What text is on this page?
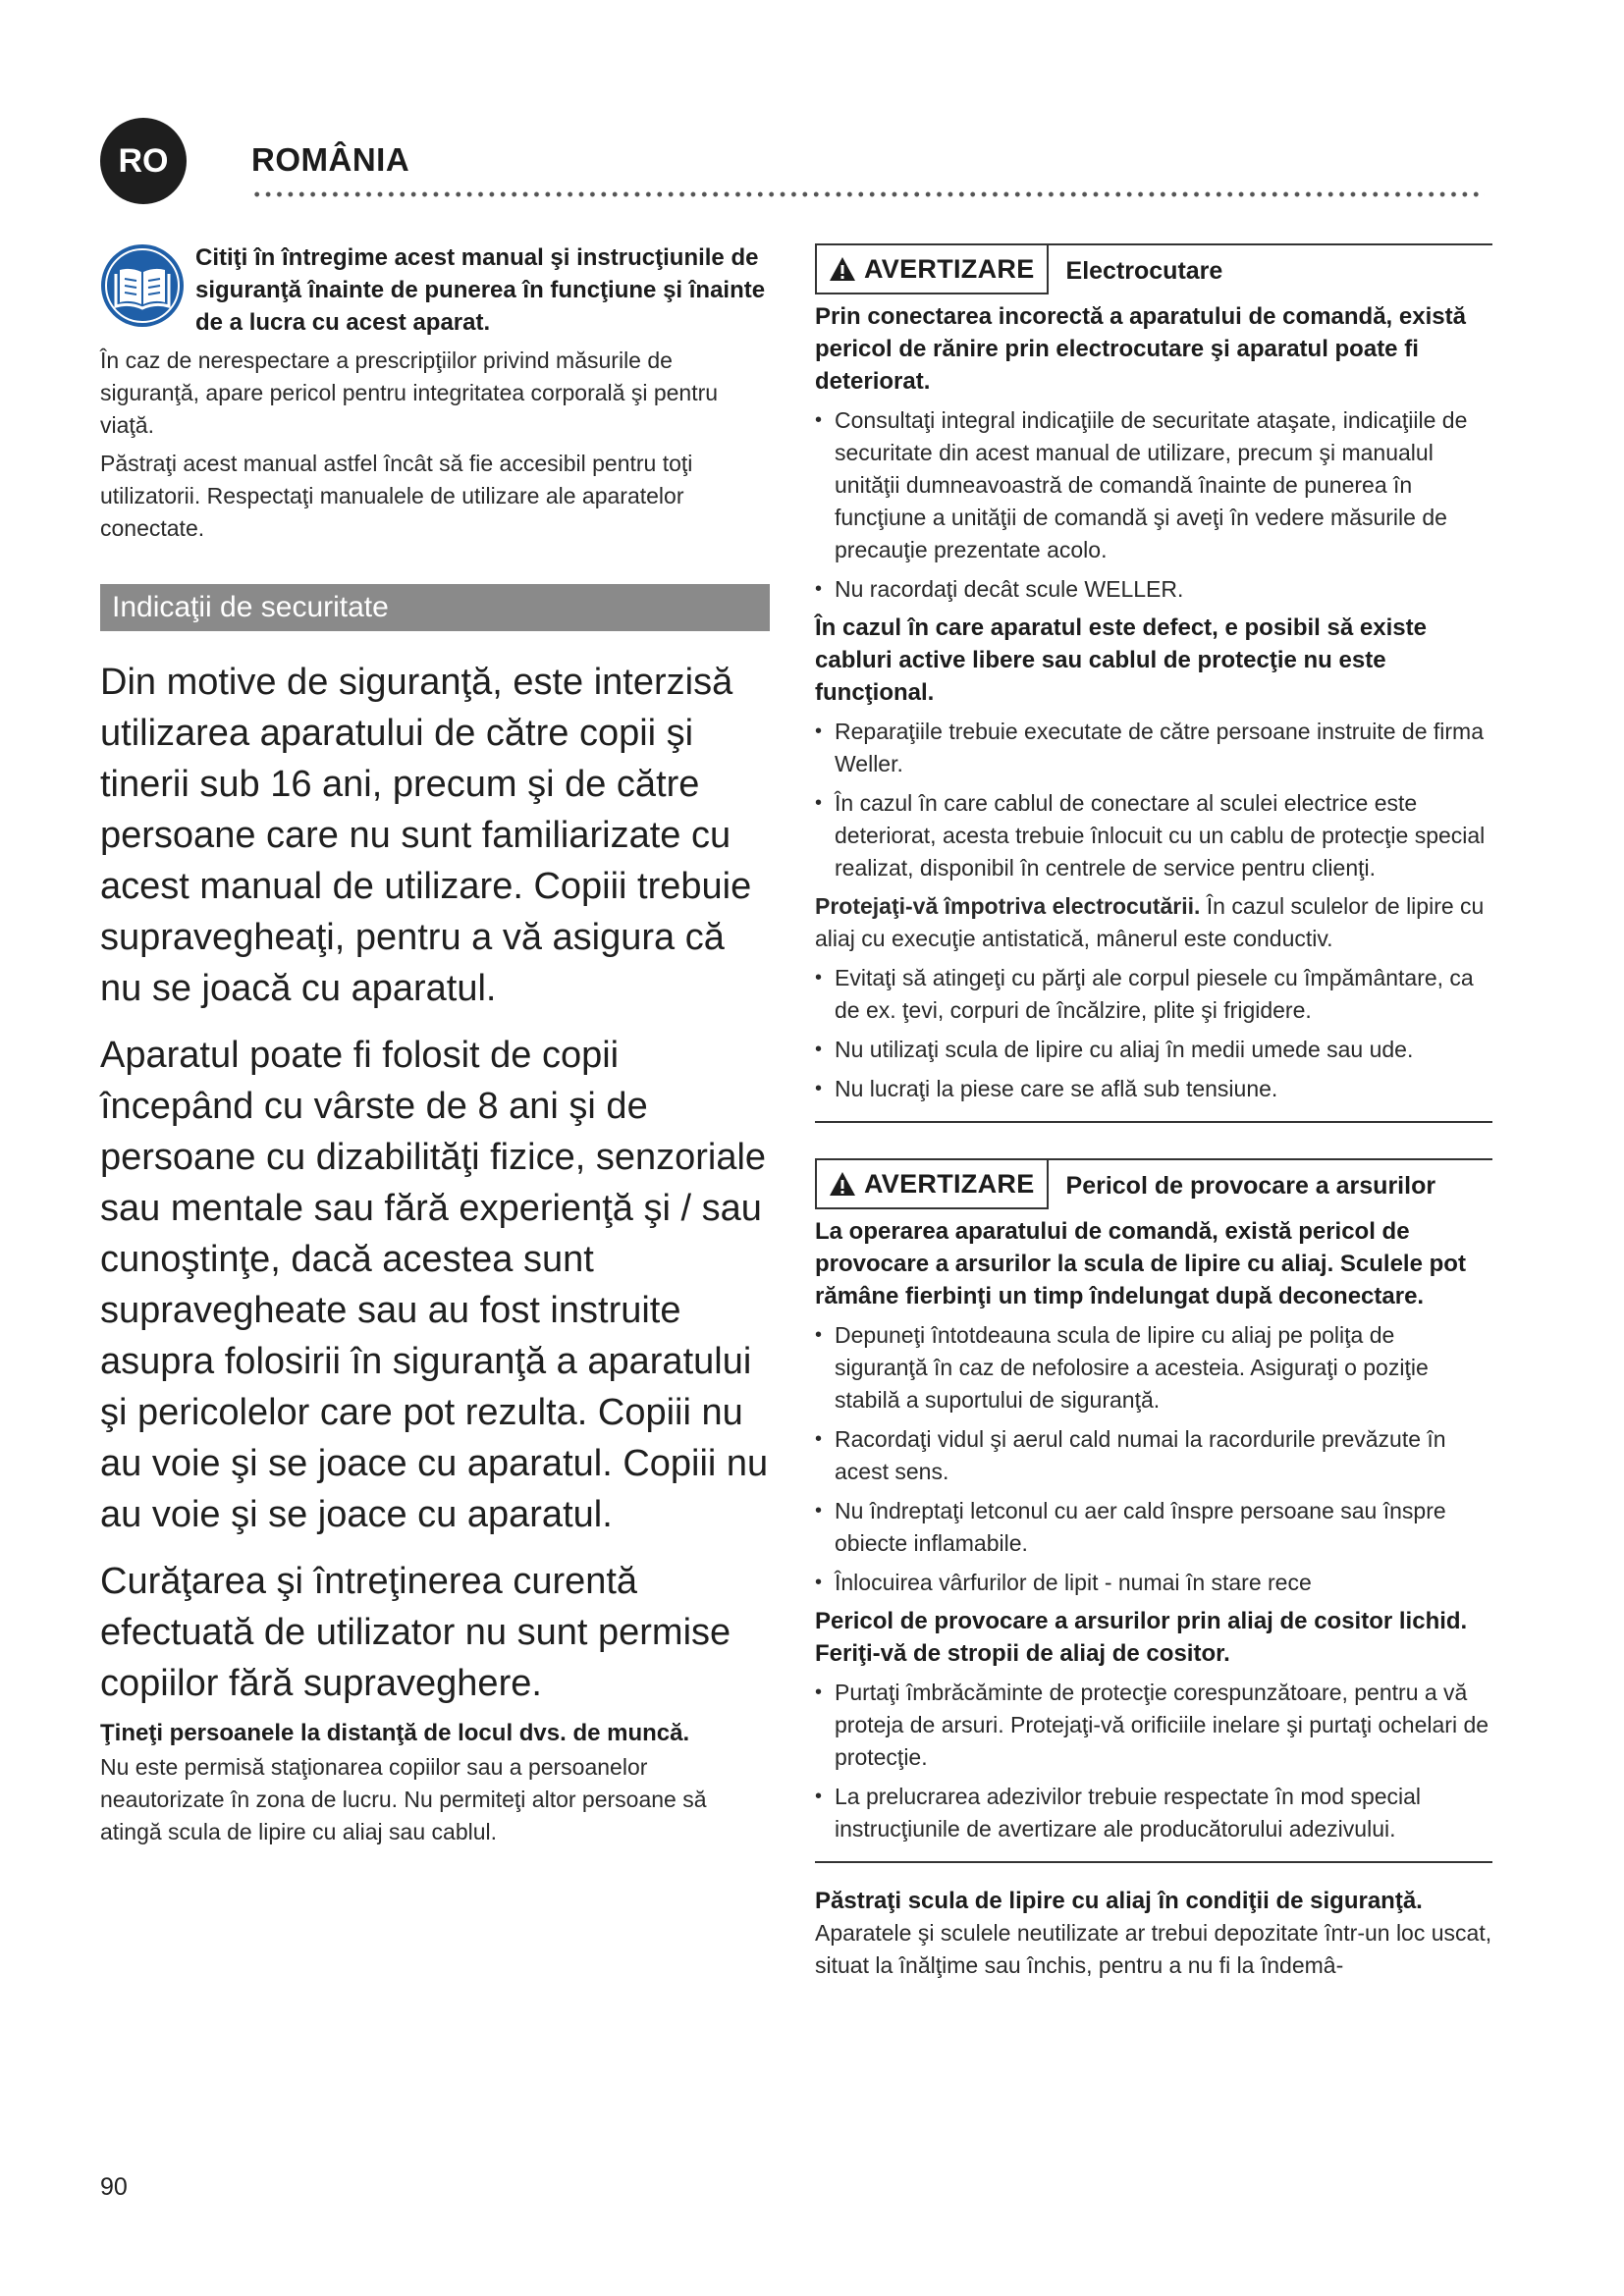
RO	ROMÂNIA

Citiţi în întregime acest manual şi instrucţiunile de siguranţă înainte de punerea în funcţiune şi înainte de a lucra cu acest aparat.

În caz de nerespectare a prescripţiilor privind măsurile de siguranţă, apare pericol pentru integritatea corporală şi pentru viaţă.

Păstraţi acest manual astfel încât să fie accesibil pentru toţi utilizatorii. Respectaţi manualele de utilizare ale aparatelor conectate.

Indicaţii de securitate

Din motive de siguranţă, este interzisă utilizarea aparatului de către copii şi tinerii sub 16 ani, precum şi de către persoane care nu sunt familiarizate cu acest manual de utilizare. Copiii trebuie supravegheaţi, pentru a vă asigura că nu se joacă cu aparatul.

Aparatul poate fi folosit de copii începând cu vârste de 8 ani şi de persoane cu dizabilităţi fizice, senzoriale sau mentale sau fără experienţă şi / sau cunoştinţe, dacă acestea sunt supravegheate sau au fost instruite asupra folosirii în siguranţă a aparatului şi pericolelor care pot rezulta. Copiii nu au voie şi se joace cu aparatul. Copiii nu au voie şi se joace cu aparatul.

Curăţarea şi întreţinerea curentă efectuată de utilizator nu sunt permise copiilor fără supraveghere.

Ţineţi persoanele la distanţă de locul dvs. de muncă.

Nu este permisă staţionarea copiilor sau a persoanelor neautorizate în zona de lucru. Nu permiteţi altor persoane să atingă scula de lipire cu aliaj sau cablul.

AVERTIZARE	Electrocutare

Prin conectarea incorectă a aparatului de comandă, există pericol de rănire prin electrocutare şi aparatul poate fi deteriorat.

• Consultaţi integral indicaţiile de securitate ataşate, indicaţiile de securitate din acest manual de utilizare, precum şi manualul unităţii dumneavoastră de comandă înainte de punerea în funcţiune a unităţii de comandă şi aveţi în vedere măsurile de precauţie prezentate acolo.
• Nu racordaţi decât scule WELLER.

În cazul în care aparatul este defect, e posibil să existe cabluri active libere sau cablul de protecţie nu este funcţional.

• Reparaţiile trebuie executate de către persoane instruite de firma Weller.
• În cazul în care cablul de conectare al sculei electrice este deteriorat, acesta trebuie înlocuit cu un cablu de protecţie special realizat, disponibil în centrele de service pentru clienţi.

Protejaţi-vă împotriva electrocutării. În cazul sculelor de lipire cu aliaj cu execuţie antistatică, mânerul este conductiv.

• Evitaţi să atingeţi cu părţi ale corpul piesele cu împământare, ca de ex. ţevi, corpuri de încălzire, plite şi frigidere.
• Nu utilizaţi scula de lipire cu aliaj în medii umede sau ude.
• Nu lucraţi la piese care se află sub tensiune.
AVERTIZARE	Pericol de provocare a arsurilor

La operarea aparatului de comandă, există pericol de provocare a arsurilor la scula de lipire cu aliaj. Sculele pot rămâne fierbinţi un timp îndelungat după deconectare.

• Depuneţi întotdeauna scula de lipire cu aliaj pe poliţa de siguranţă în caz de nefolosire a acesteia. Asiguraţi o poziţie stabilă a suportului de siguranţă.
• Racordaţi vidul şi aerul cald numai la racordurile prevăzute în acest sens.
• Nu îndreptaţi letconul cu aer cald înspre persoane sau înspre obiecte inflamabile.
• Înlocuirea vârfurilor de lipit - numai în stare rece

Pericol de provocare a arsurilor prin aliaj de cositor lichid. Feriţi-vă de stropii de aliaj de cositor.

• Purtaţi îmbrăcăminte de protecţie corespunzătoare, pentru a vă proteja de arsuri. Protejaţi-vă orificiile inelare şi purtaţi ochelari de protecţie.
• La prelucrarea adezivilor trebuie respectate în mod special instrucţiunile de avertizare ale producătorului adezivului.

Păstraţi scula de lipire cu aliaj în condiţii de siguranţă.

Aparatele şi sculele neutilizate ar trebui depozitate într-un loc uscat, situat la înălţime sau închis, pentru a nu fi la îndemâ-

90
